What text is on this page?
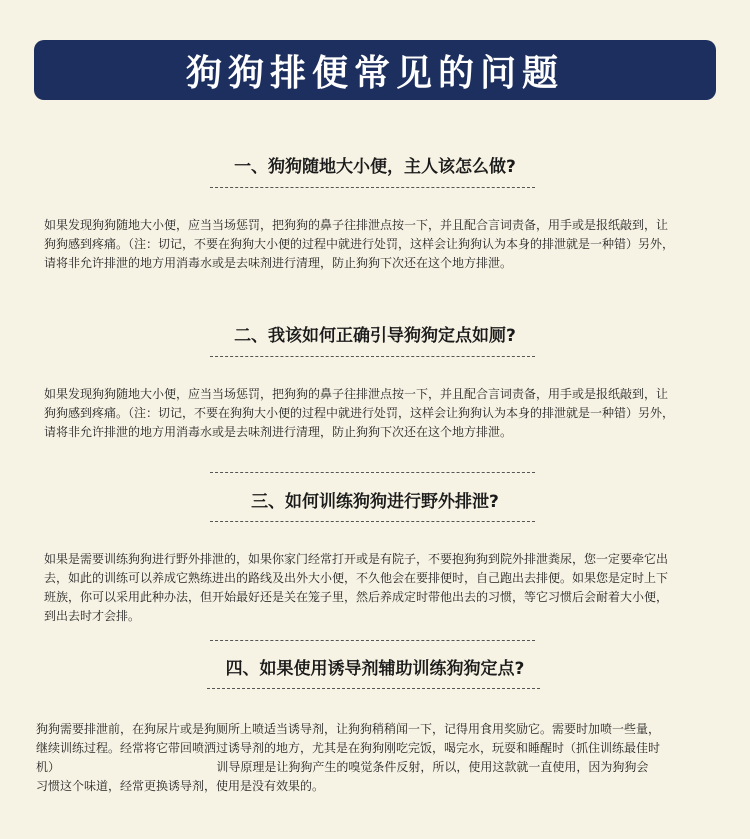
狗狗排便常见的问题
一、狗狗随地大小便，主人该怎么做?
如果发现狗狗随地大小便，应当当场惩罚，把狗狗的鼻子往排泄点按一下，并且配合言词责备，用手或是报纸敲到，让
狗狗感到疼痛。（注：切记，不要在狗狗大小便的过程中就进行处罚，这样会让狗狗认为本身的排泄就是一种错）另外，
请将非允许排泄的地方用消毒水或是去味剂进行清理，防止狗狗下次还在这个地方排泄。
二、我该如何正确引导狗狗定点如厕?
如果发现狗狗随地大小便，应当当场惩罚，把狗狗的鼻子往排泄点按一下，并且配合言词责备，用手或是报纸敲到，让
狗狗感到疼痛。（注：切记，不要在狗狗大小便的过程中就进行处罚，这样会让狗狗认为本身的排泄就是一种错）另外，
请将非允许排泄的地方用消毒水或是去味剂进行清理，防止狗狗下次还在这个地方排泄。
三、如何训练狗狗进行野外排泄?
如果是需要训练狗狗进行野外排泄的，如果你家门经常打开或是有院子，不要抱狗狗到院外排泄粪尿，您一定要牵它出
去，如此的训练可以养成它熟练进出的路线及出外大小便，不久他会在要排便时，自己跑出去排便。如果您是定时上下
班族，你可以采用此种办法，但开始最好还是关在笼子里，然后养成定时带他出去的习惯，等它习惯后会耐着大小便，
到出去时才会排。
四、如果使用诱导剂辅助训练狗狗定点?
狗狗需要排泄前，在狗尿片或是狗厕所上喷适当诱导剂，让狗狗稍稍闻一下，记得用食用奖励它。需要时加喷一些量，
继续训练过程。经常将它带回喷洒过诱导剂的地方，尤其是在狗狗刚吃完饭，喝完水，玩耍和睡醒时（抓住训练最佳时
机）                                         训导原理是让狗狗产生的嗅觉条件反射，所以，使用这款就一直使用，因为狗狗会
习惯这个味道，经常更换诱导剂，使用是没有效果的。
